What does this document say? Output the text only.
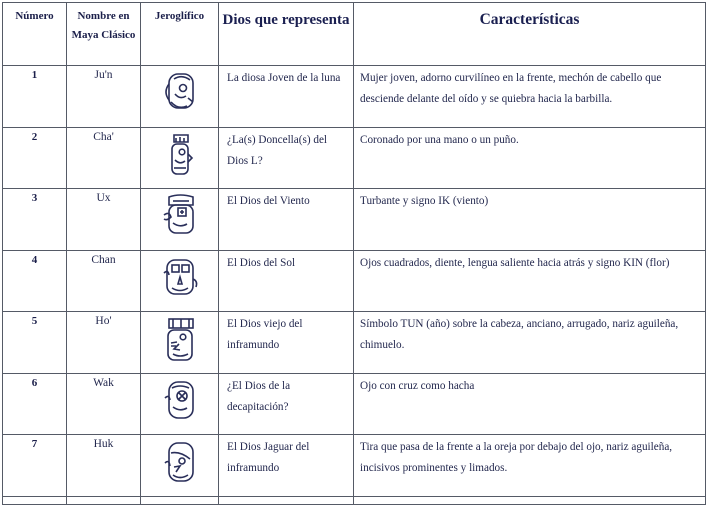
Número	Nombre en Maya Clásico	Jeroglífico	Dios que representa	Características
1	Ju'n		La diosa Joven de la luna	Mujer joven, adorno curvilíneo en la frente, mechón de cabello que desciende delante del oído y se quiebra hacia la barbilla.
2	Cha'		¿La(s) Doncella(s) del Dios L?	Coronado por una mano o un puño.
3	Ux		El Dios del Viento	Turbante y signo IK (viento)
4	Chan		El Dios del Sol	Ojos cuadrados, diente, lengua saliente hacia atrás y signo KIN (flor)
5	Ho'		El Dios viejo del inframundo	Símbolo TUN (año) sobre la cabeza, anciano, arrugado, nariz aguileña, chimuelo.
6	Wak		¿El Dios de la decapitación?	Ojo con cruz como hacha
7	Huk		El Dios Jaguar del inframundo	Tira que pasa de la frente a la oreja por debajo del ojo, nariz aguileña, incisivos prominentes y limados.
